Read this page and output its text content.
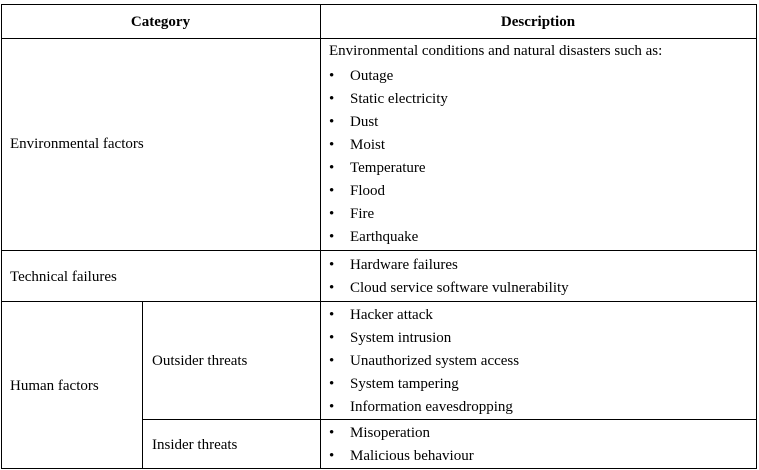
Category	Description
Environmental factors
Environmental conditions and natural disasters such as:
• Outage
• Static electricity
• Dust
• Moist
• Temperature
• Flood
• Fire
• Earthquake
Technical failures
• Hardware failures
• Cloud service software vulnerability
Human factors
Outsider threats
• Hacker attack
• System intrusion
• Unauthorized system access
• System tampering
• Information eavesdropping
Insider threats
• Misoperation
• Malicious behaviour
